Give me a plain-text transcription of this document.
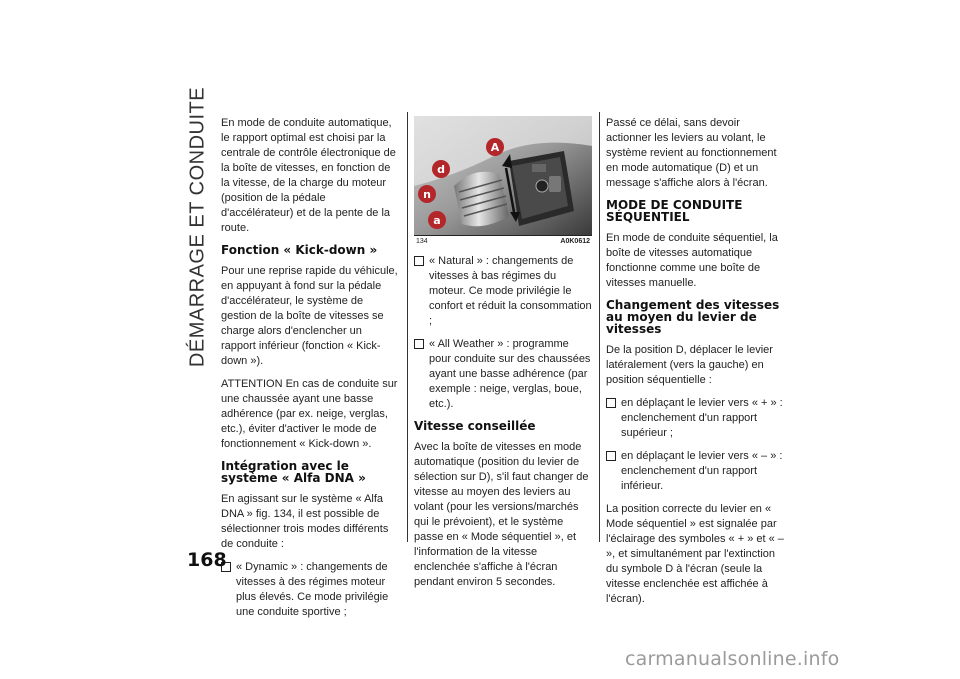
DÉMARRAGE ET CONDUITE En mode de conduite automatique, le rapport optimal est choisi par la centrale de contrôle électronique de la boîte de vitesses, en fonction de la vitesse, de la charge du moteur (position de la pédale d'accélérateur) et de la pente de la route.

Fonction « Kick-down »

Pour une reprise rapide du véhicule, en appuyant à fond sur la pédale d'accélérateur, le système de gestion de la boîte de vitesses se charge alors d'enclencher un rapport inférieur (fonction « Kick-down »).

ATTENTION En cas de conduite sur une chaussée ayant une basse adhérence (par ex. neige, verglas, etc.), éviter d'activer le mode de fonctionnement « Kick-down ».

Intégration avec le système « Alfa DNA »

En agissant sur le système « Alfa DNA » fig. 134, il est possible de sélectionner trois modes différents de conduite :

« Dynamic » : changements de vitesses à des régimes moteur plus élevés. Ce mode privilégie une conduite sportive ;
d
A
n
a
134	A0K0612
« Natural » : changements de vitesses à bas régimes du moteur. Ce mode privilégie le confort et réduit la consommation ;
« All Weather » : programme pour conduite sur des chaussées ayant une basse adhérence (par exemple : neige, verglas, boue, etc.).
Vitesse conseillée

Avec la boîte de vitesses en mode automatique (position du levier de sélection sur D), s'il faut changer de vitesse au moyen des leviers au volant (pour les versions/marchés qui le prévoient), et le système passe en « Mode séquentiel », et l'information de la vitesse enclenchée s'affiche à l'écran pendant environ 5 secondes.

Passé ce délai, sans devoir actionner les leviers au volant, le système revient au fonctionnement en mode automatique (D) et un message s'affiche alors à l'écran.

MODE DE CONDUITE SÉQUENTIEL

En mode de conduite séquentiel, la boîte de vitesses automatique fonctionne comme une boîte de vitesses manuelle.

Changement des vitesses au moyen du levier de vitesses

De la position D, déplacer le levier latéralement (vers la gauche) en position séquentielle :

en déplaçant le levier vers « + » : enclenchement d'un rapport supérieur ;
en déplaçant le levier vers « – » : enclenchement d'un rapport inférieur.

La position correcte du levier en « Mode séquentiel » est signalée par l'éclairage des symboles « + » et « – », et simultanément par l'extinction du symbole D à l'écran (seule la vitesse enclenchée est affichée à l'écran).

168
carmanualsonline.info
